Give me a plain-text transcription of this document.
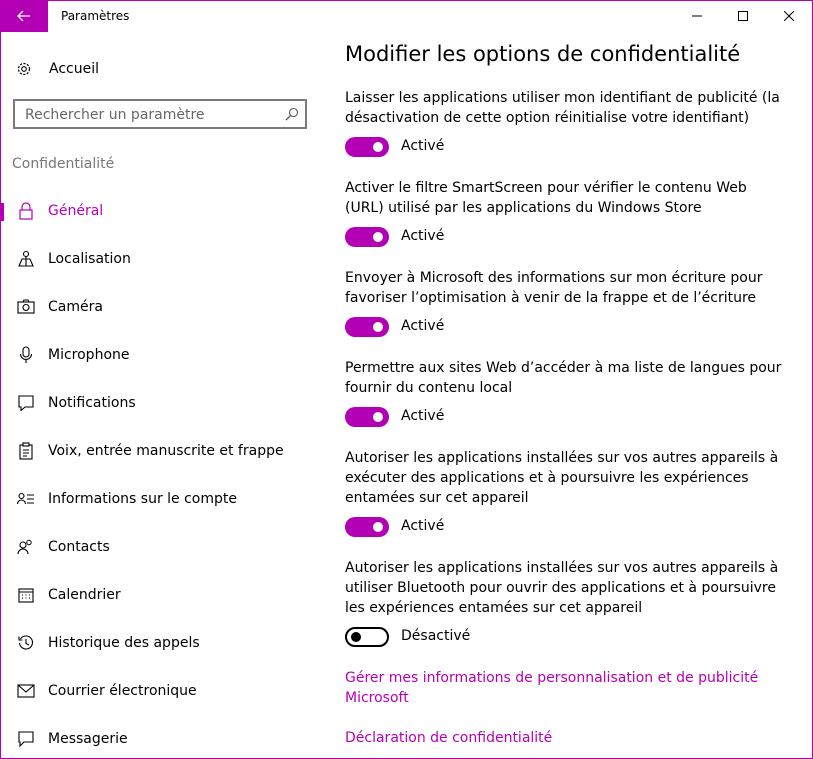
Paramètres
Accueil
Rechercher un paramètre
Confidentialité
Général
Localisation
Caméra
Microphone
Notifications
Voix, entrée manuscrite et frappe
Informations sur le compte
Contacts
Calendrier
Historique des appels
Courrier électronique
Messagerie
Modifier les options de confidentialité
Laisser les applications utiliser mon identifiant de publicité (la désactivation de cette option réinitialise votre identifiant)
Activé
Activer le filtre SmartScreen pour vérifier le contenu Web (URL) utilisé par les applications du Windows Store
Activé
Envoyer à Microsoft des informations sur mon écriture pour favoriser l’optimisation à venir de la frappe et de l’écriture
Activé
Permettre aux sites Web d’accéder à ma liste de langues pour fournir du contenu local
Activé
Autoriser les applications installées sur vos autres appareils à exécuter des applications et à poursuivre les expériences entamées sur cet appareil
Activé
Autoriser les applications installées sur vos autres appareils à utiliser Bluetooth pour ouvrir des applications et à poursuivre les expériences entamées sur cet appareil
Désactivé
Gérer mes informations de personnalisation et de publicité Microsoft
Déclaration de confidentialité
